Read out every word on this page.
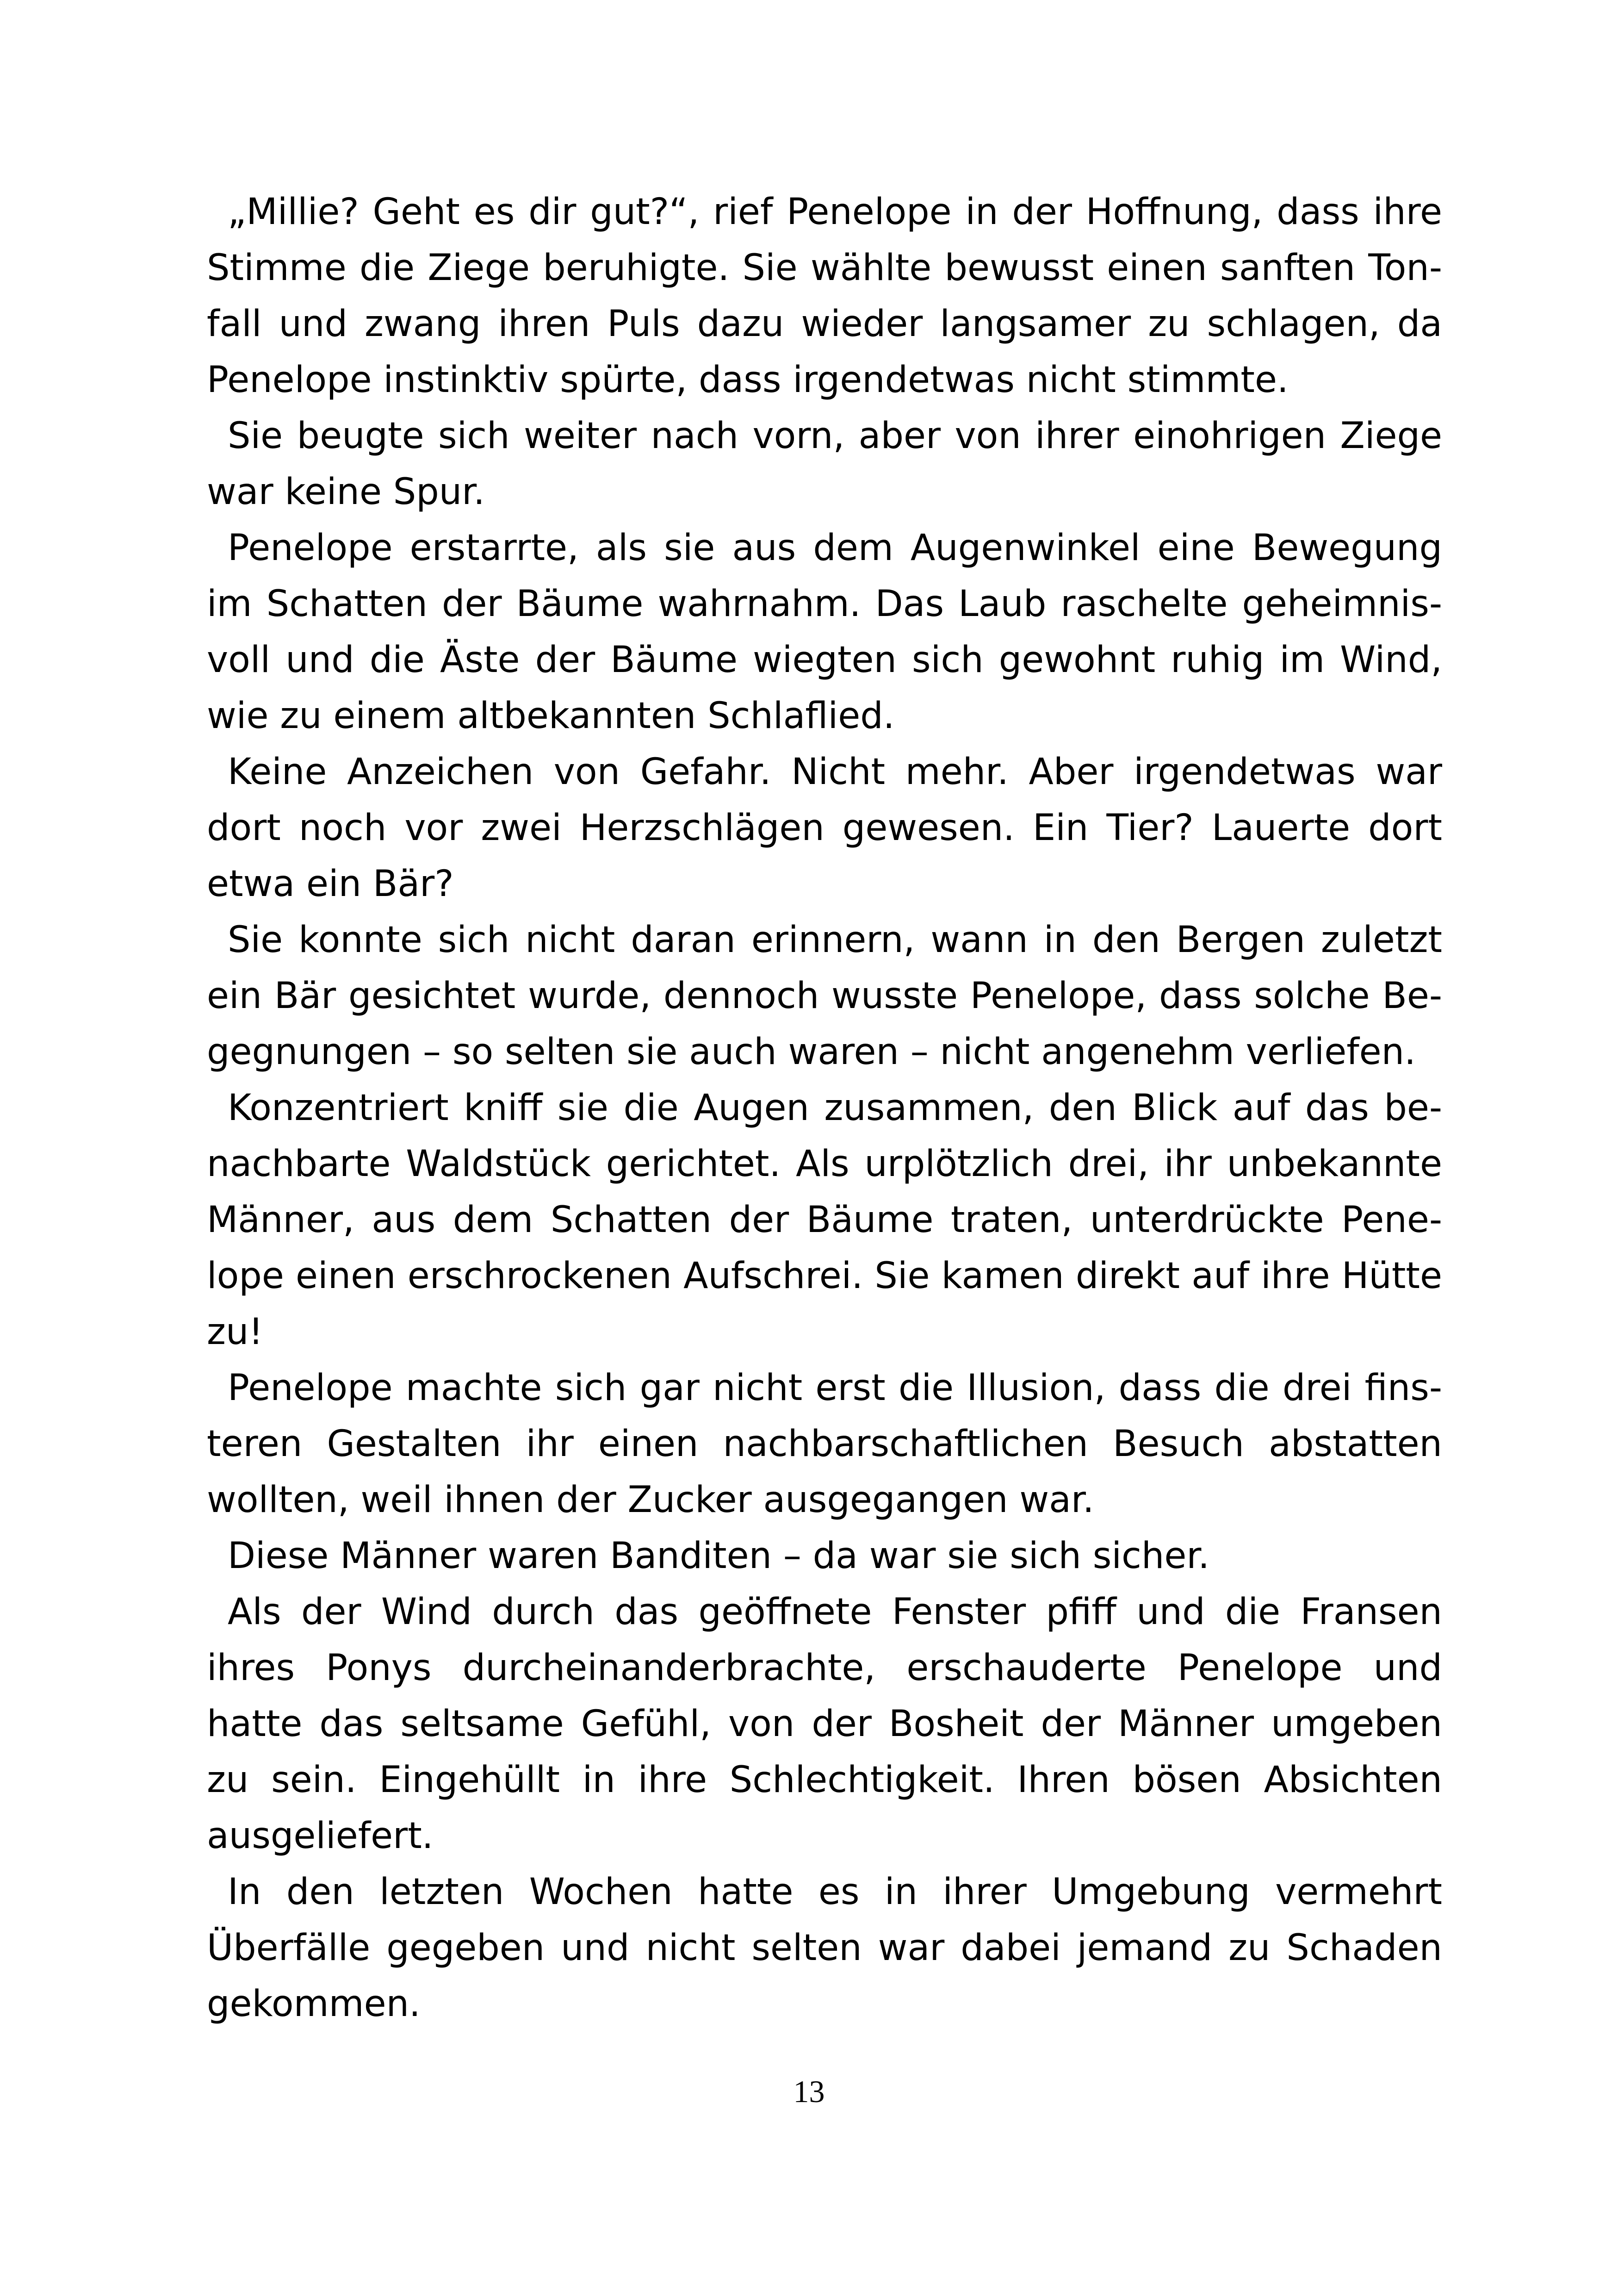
„Millie? Geht es dir gut?“, rief Penelope in der Hoffnung, dass ihre Stimme die Ziege beruhigte. Sie wählte bewusst einen sanften Tonfall und zwang ihren Puls dazu wieder langsamer zu schlagen, da Penelope instinktiv spürte, dass irgendetwas nicht stimmte.

Sie beugte sich weiter nach vorn, aber von ihrer einohrigen Ziege war keine Spur.

Penelope erstarrte, als sie aus dem Augenwinkel eine Bewegung im Schatten der Bäume wahrnahm. Das Laub raschelte geheimnisvoll und die Äste der Bäume wiegten sich gewohnt ruhig im Wind, wie zu einem altbekannten Schlaflied.

Keine Anzeichen von Gefahr. Nicht mehr. Aber irgendetwas war dort noch vor zwei Herzschlägen gewesen. Ein Tier? Lauerte dort etwa ein Bär?

Sie konnte sich nicht daran erinnern, wann in den Bergen zuletzt ein Bär gesichtet wurde, dennoch wusste Penelope, dass solche Begegnungen – so selten sie auch waren – nicht angenehm verliefen.

Konzentriert kniff sie die Augen zusammen, den Blick auf das benachbarte Waldstück gerichtet. Als urplötzlich drei, ihr unbekannte Männer, aus dem Schatten der Bäume traten, unterdrückte Penelope einen erschrockenen Aufschrei. Sie kamen direkt auf ihre Hütte zu!

Penelope machte sich gar nicht erst die Illusion, dass die drei finsteren Gestalten ihr einen nachbarschaftlichen Besuch abstatten wollten, weil ihnen der Zucker ausgegangen war.

Diese Männer waren Banditen – da war sie sich sicher.

Als der Wind durch das geöffnete Fenster pfiff und die Fransen ihres Ponys durcheinanderbrachte, erschauderte Penelope und hatte das seltsame Gefühl, von der Bosheit der Männer umgeben zu sein. Eingehüllt in ihre Schlechtigkeit. Ihren bösen Absichten ausgeliefert.

In den letzten Wochen hatte es in ihrer Umgebung vermehrt Überfälle gegeben und nicht selten war dabei jemand zu Schaden gekommen.

13
